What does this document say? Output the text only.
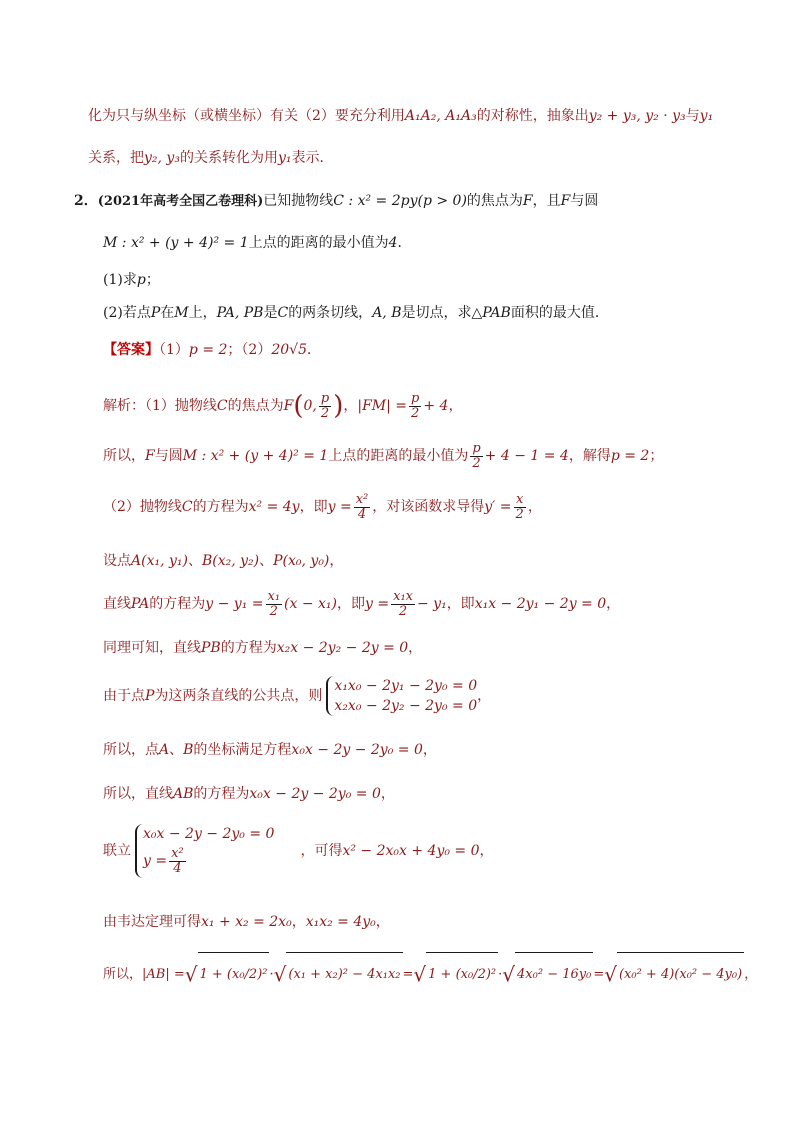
化为只与纵坐标（或横坐标）有关（2）要充分利用A₁A₂, A₁A₃的对称性，抽象出y₂ + y₃, y₂ · y₃与y₁
关系，把y₂, y₃的关系转化为用y₁表示．
2．(2021年高考全国乙卷理科)已知抛物线C : x² = 2py(p > 0)的焦点为F，且F与圆
M : x² + (y + 4)² = 1上点的距离的最小值为4．
(1)求p；
(2)若点P在M上，PA, PB是C的两条切线，A, B是切点，求△PAB面积的最大值．
【答案】（1）p = 2；（2）20√5．
解析：（1）抛物线C的焦点为F(0, $\frac{p}{2}$ )，$|FM| = \frac{p}{2} + 4$，
所以，F与圆M : x² + (y + 4)² = 1上点的距离的最小值为 $\frac{p}{2} + 4 - 1 = 4$，解得p = 2；
（2）抛物线C的方程为x² = 4y，即$y = \frac{\text{x²}}{4}$ ，对该函数求导得$y' = \frac{x}{2}$ ，
设点A(x₁, y₁)、B(x₂, y₂)、P(x₀, y₀)，
直线PA的方程为$y - y_1 = \frac{\text{x₁}}{2} (x - x_1)$，即$y = \frac{\text{x₁x}}{2} - y_1$，即x₁x − 2y₁ − 2y = 0，
同理可知，直线PB的方程为x₂x − 2y₂ − 2y = 0，
由于点P为这两条直线的公共点，则
x₁x₀ − 2y₁ − 2y₀ = 0
x₂x₀ − 2y₂ − 2y₀ = 0
，
所以，点A、B的坐标满足方程x₀x − 2y − 2y₀ = 0，
所以，直线AB的方程为x₀x − 2y − 2y₀ = 0，
联立
x₀x − 2y − 2y₀ = 0
$y = \frac{\text{x²}}{4}$	，可得x² − 2x₀x + 4y₀ = 0，
由韦达定理可得x₁ + x₂ = 2x₀，x₁x₂ = 4y₀，
所以，|AB| =√ 1 + (x₀/2)² ·√ (x₁ + x₂)² − 4x₁x₂ =√ 1 + (x₀/2)² ·√ 4x₀² − 16y₀ =√ (x₀² + 4)(x₀² − 4y₀) ，
